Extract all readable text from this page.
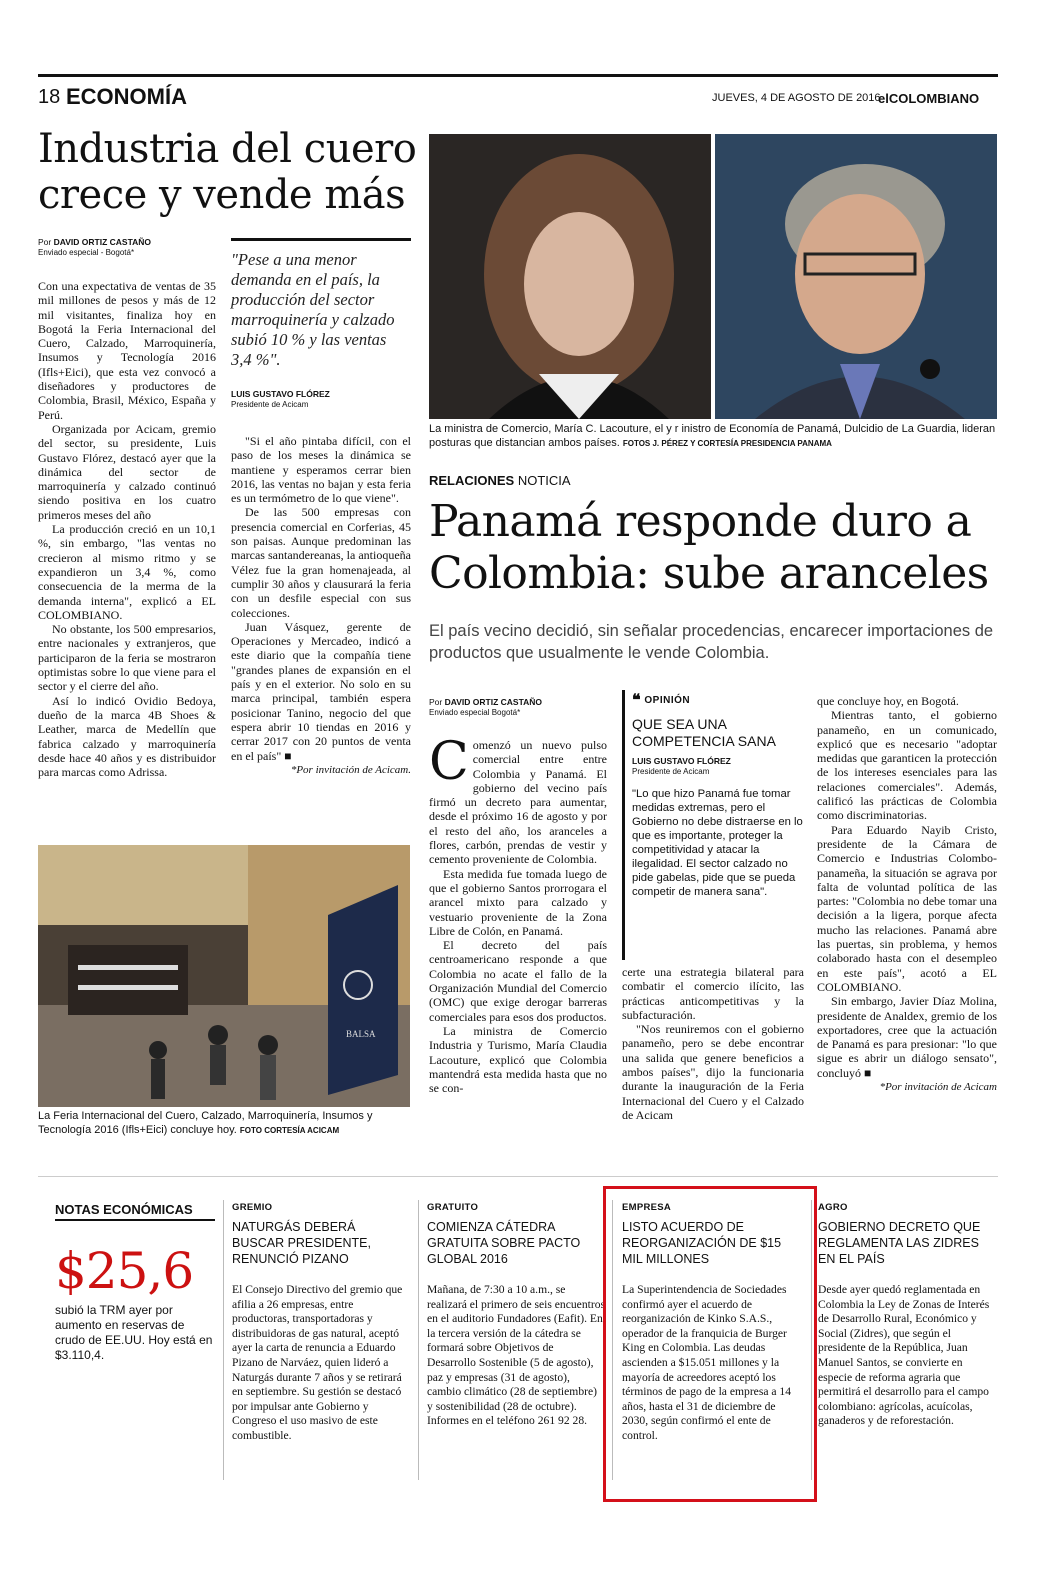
18 ECONOMÍA	JUEVES, 4 DE AGOSTO DE 2016
elCOLOMBIANO
Industria del cuero crece y vende más
Por DAVID ORTIZ CASTAÑO
Enviado especial - Bogotá*

Con una expectativa de ventas de 35 mil millones de pesos y más de 12 mil visitantes, finaliza hoy en Bogotá la Feria Internacional del Cuero, Calzado, Marroquinería, Insumos y Tecnología 2016 (Ifls+Eici), que esta vez convocó a diseñadores y productores de Colombia, Brasil, México, España y Perú.

Organizada por Acicam, gremio del sector, su presidente, Luis Gustavo Flórez, destacó ayer que la dinámica del sector de marroquinería y calzado continuó siendo positiva en los cuatro primeros meses del año

La producción creció en un 10,1 %, sin embargo, "las ventas no crecieron al mismo ritmo y se expandieron un 3,4 %, como consecuencia de la merma de la demanda interna", explicó a EL COLOMBIANO.

No obstante, los 500 empresarios, entre nacionales y extranjeros, que participaron de la feria se mostraron optimistas sobre lo que viene para el sector y el cierre del año.

Así lo indicó Ovidio Bedoya, dueño de la marca 4B Shoes & Leather, marca de Medellín que fabrica calzado y marroquinería desde hace 40 años y es distribuidor para marcas como Adrissa.

"Pese a una menor demanda en el país, la producción del sector marroquinería y calzado subió 10 % y las ventas 3,4 %".
LUIS GUSTAVO FLÓREZ
Presidente de Acicam

"Si el año pintaba difícil, con el paso de los meses la dinámica se mantiene y esperamos cerrar bien 2016, las ventas no bajan y esta feria es un termómetro de lo que viene".

De las 500 empresas con presencia comercial en Corferias, 45 son paisas. Aunque predominan las marcas santandereanas, la antioqueña Vélez fue la gran homenajeada, al cumplir 30 años y clausurará la feria con un desfile especial con sus colecciones.

Juan Vásquez, gerente de Operaciones y Mercadeo, indicó a este diario que la compañía tiene "grandes planes de expansión en el país y en el exterior. No solo en su marca principal, también espera posicionar Tanino, negocio del que espera abrir 10 tiendas en 2016 y cerrar 2017 con 20 puntos de venta en el país" ■

*Por invitación de Acicam.

BALSA
La Feria Internacional del Cuero, Calzado, Marroquinería, Insumos y Tecnología 2016 (Ifls+Eici) concluye hoy. FOTO CORTESÍA ACICAM
La ministra de Comercio, María C. Lacouture, el y r inistro de Economía de Panamá, Dulcidio de La Guardia, lideran posturas que distancian ambos países. FOTOS J. PÉREZ Y CORTESÍA PRESIDENCIA PANAMA
RELACIONES NOTICIA
Panamá responde duro a Colombia: sube aranceles
El país vecino decidió, sin señalar procedencias, encarecer importaciones de productos que usualmente le vende Colombia.
Por DAVID ORTIZ CASTAÑO
Enviado especial Bogotá*

Comenzó un nuevo pulso comercial entre entre Colombia y Panamá. El gobierno del vecino país firmó un decreto para aumentar, desde el próximo 16 de agosto y por el resto del año, los aranceles a flores, carbón, prendas de vestir y cemento proveniente de Colombia.

Esta medida fue tomada luego de que el gobierno Santos prorrogara el arancel mixto para calzado y vestuario proveniente de la Zona Libre de Colón, en Panamá.

El decreto del país centroamericano responde a que Colombia no acate el fallo de la Organización Mundial del Comercio (OMC) que exige derogar barreras comerciales para esos dos productos.

La ministra de Comercio Industria y Turismo, María Claudia Lacouture, explicó que Colombia mantendrá esta medida hasta que no se con-

❝ OPINIÓN
QUE SEA UNA COMPETENCIA SANA
LUIS GUSTAVO FLÓREZ
Presidente de Acicam
"Lo que hizo Panamá fue tomar medidas extremas, pero el Gobierno no debe distraerse en lo que es importante, proteger la competitividad y atacar la ilegalidad. El sector calzado no pide gabelas, pide que se pueda competir de manera sana".

certe una estrategia bilateral para combatir el comercio ilícito, las prácticas anticompetitivas y la subfacturación.

"Nos reuniremos con el gobierno panameño, pero se debe encontrar una salida que genere beneficios a ambos países", dijo la funcionaria durante la inauguración de la Feria Internacional del Cuero y el Calzado de Acicam

que concluye hoy, en Bogotá.

Mientras tanto, el gobierno panameño, en un comunicado, explicó que es necesario "adoptar medidas que garanticen la protección de los intereses esenciales para las relaciones comerciales". Además, calificó las prácticas de Colombia como discriminatorias.

Para Eduardo Nayib Cristo, presidente de la Cámara de Comercio e Industrias Colombo-panameña, la situación se agrava por falta de voluntad política de las partes: "Colombia no debe tomar una decisión a la ligera, porque afecta mucho las relaciones. Panamá abre las puertas, sin problema, y hemos colaborado hasta con el desempleo en este país", acotó a EL COLOMBIANO.

Sin embargo, Javier Díaz Molina, presidente de Analdex, gremio de los exportadores, cree que la actuación de Panamá es para presionar: "lo que sigue es abrir un diálogo sensato", concluyó ■

*Por invitación de Acicam

NOTAS ECONÓMICAS
$25,6
subió la TRM ayer por aumento en reservas de crudo de EE.UU. Hoy está en $3.110,4.
GREMIO
NATURGÁS DEBERÁ BUSCAR PRESIDENTE, RENUNCIÓ PIZANO
El Consejo Directivo del gremio que afilia a 26 empresas, entre productoras, transportadoras y distribuidoras de gas natural, aceptó ayer la carta de renuncia a Eduardo Pizano de Narváez, quien lideró a Naturgás durante 7 años y se retirará en septiembre. Su gestión se destacó por impulsar ante Gobierno y Congreso el uso masivo de este combustible.
GRATUITO
COMIENZA CÁTEDRA GRATUITA SOBRE PACTO GLOBAL 2016
Mañana, de 7:30 a 10 a.m., se realizará el primero de seis encuentros en el auditorio Fundadores (Eafit). En la tercera versión de la cátedra se formará sobre Objetivos de Desarrollo Sostenible (5 de agosto), paz y empresas (31 de agosto), cambio climático (28 de septiembre) y sostenibilidad (28 de octubre). Informes en el teléfono 261 92 28.
EMPRESA
LISTO ACUERDO DE REORGANIZACIÓN DE $15 MIL MILLONES
La Superintendencia de Sociedades confirmó ayer el acuerdo de reorganización de Kinko S.A.S., operador de la franquicia de Burger King en Colombia. Las deudas ascienden a $15.051 millones y la mayoría de acreedores aceptó los términos de pago de la empresa a 14 años, hasta el 31 de diciembre de 2030, según confirmó el ente de control.
AGRO
GOBIERNO DECRETO QUE REGLAMENTA LAS ZIDRES EN EL PAÍS
Desde ayer quedó reglamentada en Colombia la Ley de Zonas de Interés de Desarrollo Rural, Económico y Social (Zidres), que según el presidente de la República, Juan Manuel Santos, se convierte en especie de reforma agraria que permitirá el desarrollo para el campo colombiano: agrícolas, acuícolas, ganaderos y de reforestación.
